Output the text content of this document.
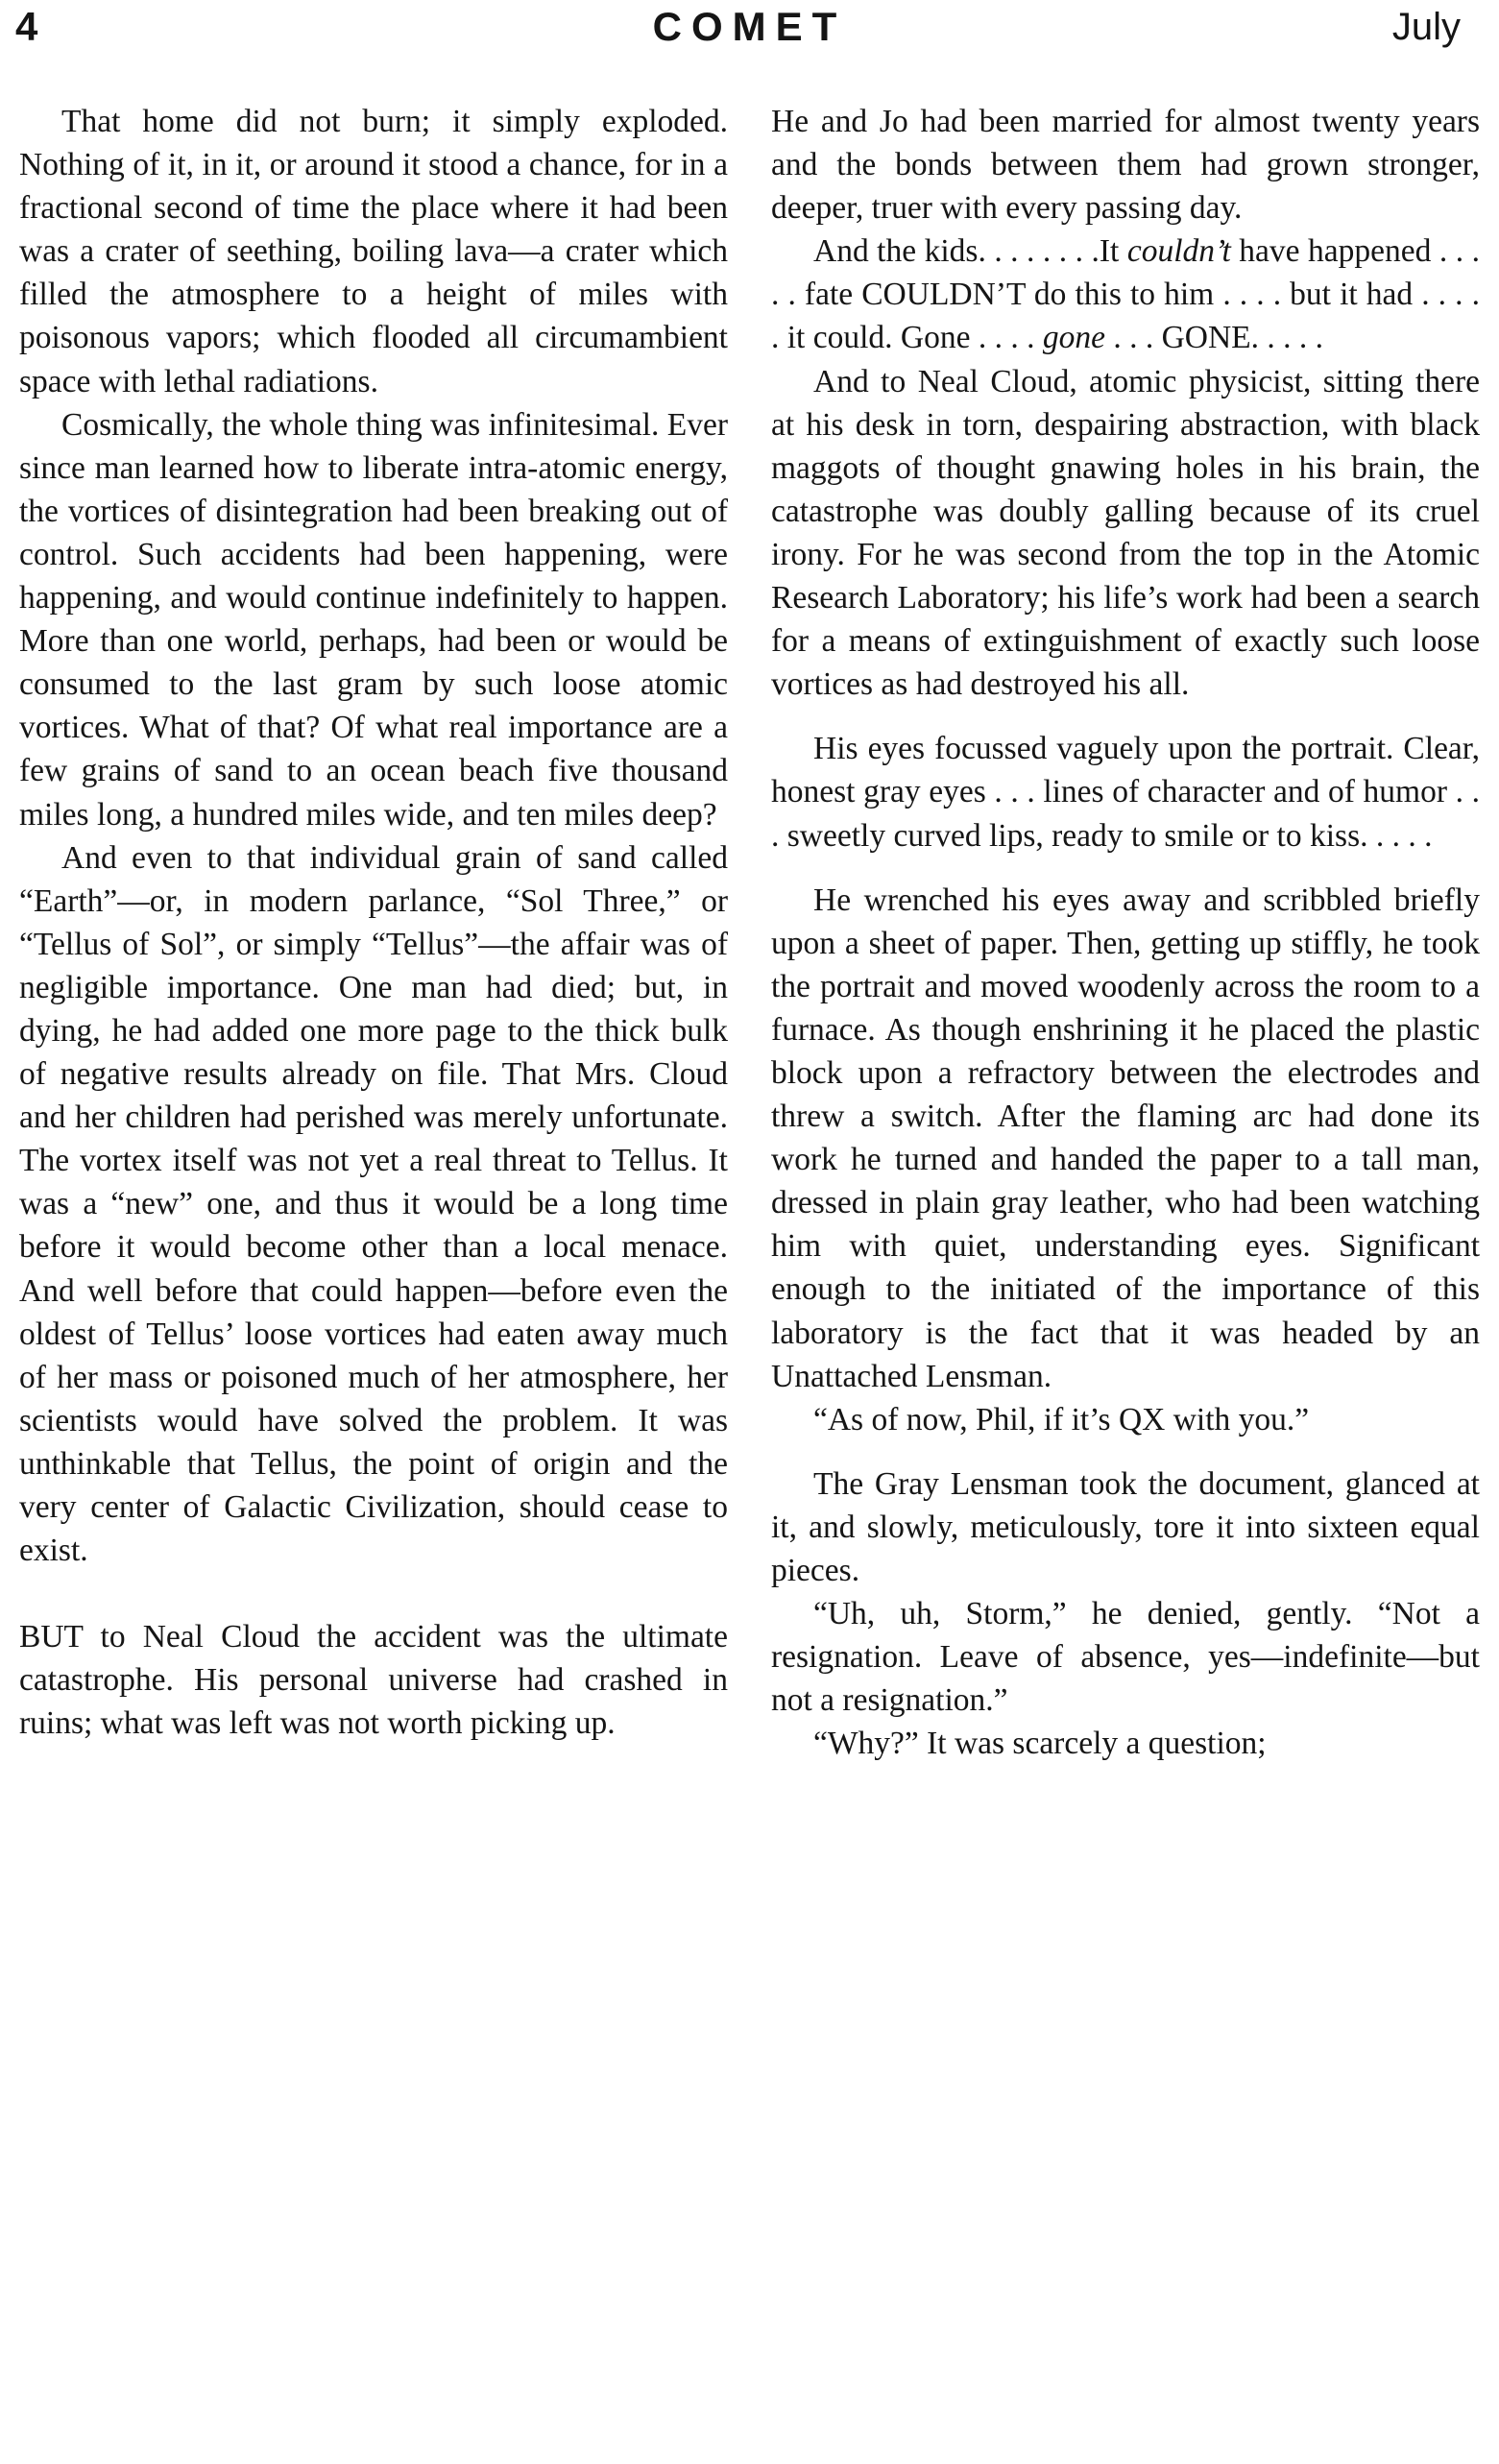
4	COMET	July

That home did not burn; it simply exploded. Nothing of it, in it, or around it stood a chance, for in a fractional second of time the place where it had been was a crater of seething, boiling lava—a crater which filled the atmosphere to a height of miles with poisonous vapors; which flooded all circumambient space with lethal radiations.

Cosmically, the whole thing was infinitesimal. Ever since man learned how to liberate intra-atomic energy, the vortices of disintegration had been breaking out of control. Such accidents had been happening, were happening, and would continue indefinitely to happen. More than one world, perhaps, had been or would be consumed to the last gram by such loose atomic vortices. What of that? Of what real importance are a few grains of sand to an ocean beach five thousand miles long, a hundred miles wide, and ten miles deep?

And even to that individual grain of sand called “Earth”—or, in modern parlance, “Sol Three,” or “Tellus of Sol”, or simply “Tellus”—the affair was of negligible importance. One man had died; but, in dying, he had added one more page to the thick bulk of negative results already on file. That Mrs. Cloud and her children had perished was merely unfortunate. The vortex itself was not yet a real threat to Tellus. It was a “new” one, and thus it would be a long time before it would become other than a local menace. And well before that could happen—before even the oldest of Tellus’ loose vortices had eaten away much of her mass or poisoned much of her atmosphere, her scientists would have solved the problem. It was unthinkable that Tellus, the point of origin and the very center of Galactic Civilization, should cease to exist.

BUT to Neal Cloud the accident was the ultimate catastrophe. His personal universe had crashed in ruins; what was left was not worth picking up.

He and Jo had been married for almost twenty years and the bonds between them had grown stronger, deeper, truer with every passing day.

And the kids. . . . . . . .It couldn’t have happened . . . . . fate COULDN’T do this to him . . . . but it had . . . . . it could. Gone . . . . gone . . . GONE. . . . .

And to Neal Cloud, atomic physicist, sitting there at his desk in torn, despairing abstraction, with black maggots of thought gnawing holes in his brain, the catastrophe was doubly galling because of its cruel irony. For he was second from the top in the Atomic Research Laboratory; his life’s work had been a search for a means of extinguishment of exactly such loose vortices as had destroyed his all.

His eyes focussed vaguely upon the portrait. Clear, honest gray eyes . . . lines of character and of humor . . . sweetly curved lips, ready to smile or to kiss. . . . .

He wrenched his eyes away and scribbled briefly upon a sheet of paper. Then, getting up stiffly, he took the portrait and moved woodenly across the room to a furnace. As though enshrining it he placed the plastic block upon a refractory between the electrodes and threw a switch. After the flaming arc had done its work he turned and handed the paper to a tall man, dressed in plain gray leather, who had been watching him with quiet, understanding eyes. Significant enough to the initiated of the importance of this laboratory is the fact that it was headed by an Unattached Lensman.

“As of now, Phil, if it’s QX with you.”

The Gray Lensman took the document, glanced at it, and slowly, meticulously, tore it into sixteen equal pieces.

“Uh, uh, Storm,” he denied, gently. “Not a resignation. Leave of absence, yes—indefinite—but not a resignation.”

“Why?” It was scarcely a question;
